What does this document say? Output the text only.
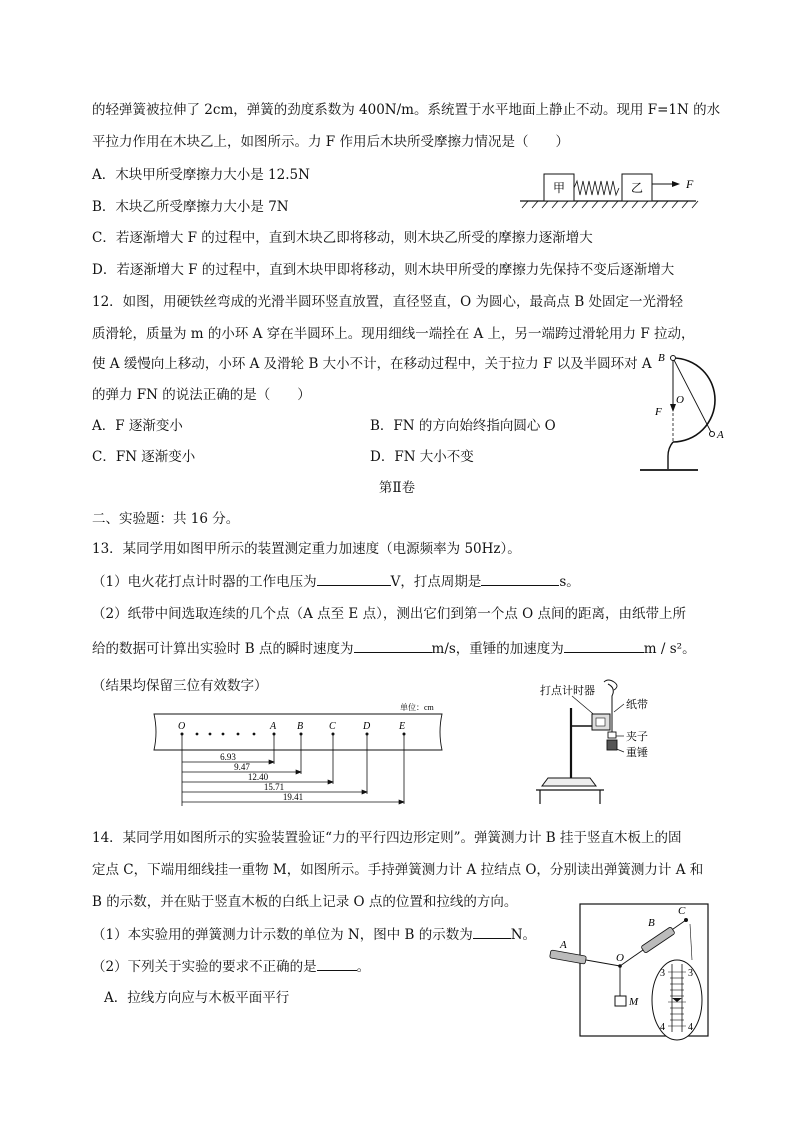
的轻弹簧被拉伸了 2cm，弹簧的劲度系数为 400N/m。系统置于水平地面上静止不动。现用 F=1N 的水
平拉力作用在木块乙上，如图所示。力 F 作用后木块所受摩擦力情况是（　　）
A．木块甲所受摩擦力大小是 12.5N
B．木块乙所受摩擦力大小是 7N
C．若逐渐增大 F 的过程中，直到木块乙即将移动，则木块乙所受的摩擦力逐渐增大
D．若逐渐增大 F 的过程中，直到木块甲即将移动，则木块甲所受的摩擦力先保持不变后逐渐增大
甲	乙	F
12．如图，用硬铁丝弯成的光滑半圆环竖直放置，直径竖直，O 为圆心，最高点 B 处固定一光滑轻
质滑轮，质量为 m 的小环 A 穿在半圆环上。现用细线一端拴在 A 上，另一端跨过滑轮用力 F 拉动，
使 A 缓慢向上移动，小环 A 及滑轮 B 大小不计，在移动过程中，关于拉力 F 以及半圆环对 A
的弹力 FN 的说法正确的是（　　）
A．F 逐渐变小	B．FN 的方向始终指向圆心 O
C．FN 逐渐变小	D．FN 大小不变
B
O
F
A
第Ⅱ卷
二、实验题：共 16 分。
13．某同学用如图甲所示的装置测定重力加速度（电源频率为 50Hz）。
（1）电火花打点计时器的工作电压为	V，打点周期是	s。
（2）纸带中间选取连续的几个点（A 点至 E 点），测出它们到第一个点 O 点间的距离，由纸带上所
给的数据可计算出实验时 B 点的瞬时速度为	m/s，重锤的加速度为	m / s²。
（结果均保留三位有效数字）
单位：cm
O	A B	C	D	E
6.93
9.47
12.40
15.71
19.41
打点计时器
纸带
夹子
重锤
14．某同学用如图所示的实验装置验证“力的平行四边形定则”。弹簧测力计 B 挂于竖直木板上的固
定点 C，下端用细线挂一重物 M，如图所示。手持弹簧测力计 A 拉结点 O，分别读出弹簧测力计 A 和
B 的示数，并在贴于竖直木板的白纸上记录 O 点的位置和拉线的方向。
（1）本实验用的弹簧测力计示数的单位为 N，图中 B 的示数为	N。
（2）下列关于实验的要求不正确的是	。
A．拉线方向应与木板平面平行
3 3
4 4
B
C
O
A
M
